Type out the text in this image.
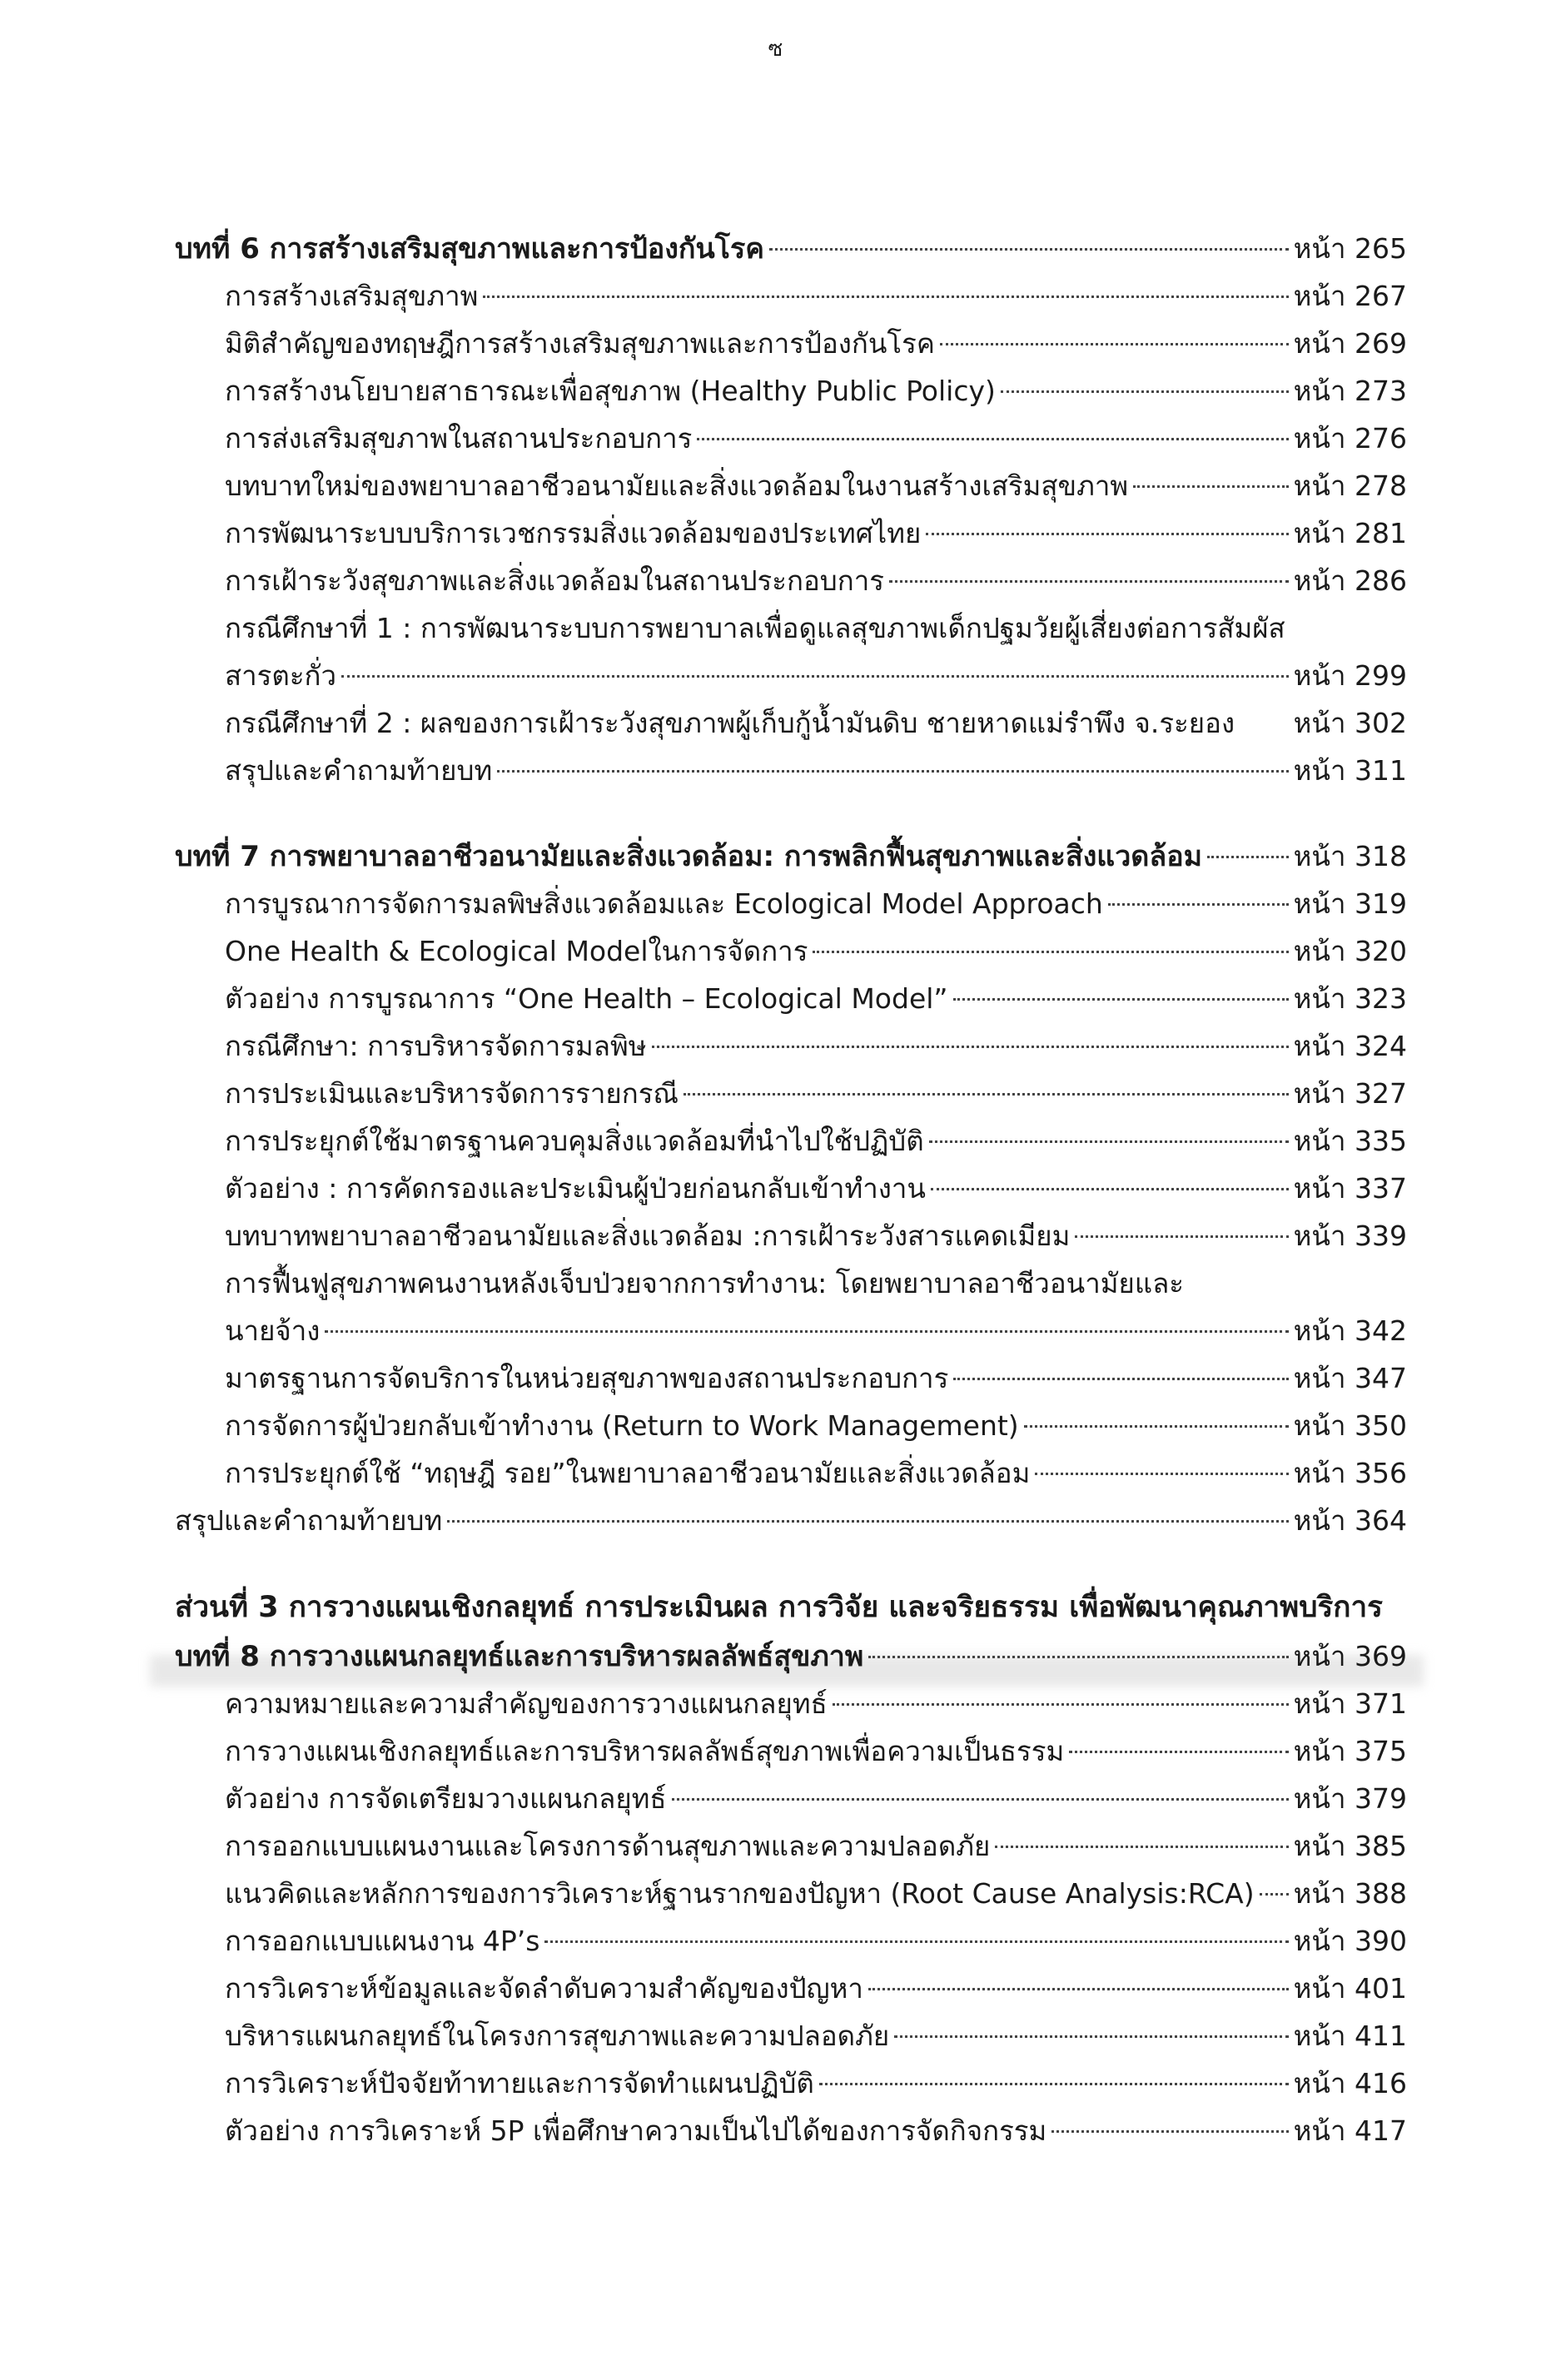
ซ
บทที่ 6 การสร้างเสริมสุขภาพและการป้องกันโรค	หน้า 265
การสร้างเสริมสุขภาพ	หน้า 267
มิติสำคัญของทฤษฎีการสร้างเสริมสุขภาพและการป้องกันโรค	หน้า 269
การสร้างนโยบายสาธารณะเพื่อสุขภาพ (Healthy Public Policy)	หน้า 273
การส่งเสริมสุขภาพในสถานประกอบการ	หน้า 276
บทบาทใหม่ของพยาบาลอาชีวอนามัยและสิ่งแวดล้อมในงานสร้างเสริมสุขภาพ	หน้า 278
การพัฒนาระบบบริการเวชกรรมสิ่งแวดล้อมของประเทศไทย	หน้า 281
การเฝ้าระวังสุขภาพและสิ่งแวดล้อมในสถานประกอบการ	หน้า 286
กรณีศึกษาที่ 1 : การพัฒนาระบบการพยาบาลเพื่อดูแลสุขภาพเด็กปฐมวัยผู้เสี่ยงต่อการสัมผัส
สารตะกั่ว	หน้า 299
กรณีศึกษาที่ 2 : ผลของการเฝ้าระวังสุขภาพผู้เก็บกู้น้ำมันดิบ ชายหาดแม่รำพึง จ.ระยอง หน้า 302
สรุปและคำถามท้ายบท	หน้า 311
บทที่ 7 การพยาบาลอาชีวอนามัยและสิ่งแวดล้อม: การพลิกฟื้นสุขภาพและสิ่งแวดล้อม	หน้า 318
การบูรณาการจัดการมลพิษสิ่งแวดล้อมและ Ecological Model Approach	หน้า 319
One Health & Ecological Modelในการจัดการ	หน้า 320
ตัวอย่าง การบูรณาการ “One Health – Ecological Model”	หน้า 323
กรณีศึกษา: การบริหารจัดการมลพิษ	หน้า 324
การประเมินและบริหารจัดการรายกรณี	หน้า 327
การประยุกต์ใช้มาตรฐานควบคุมสิ่งแวดล้อมที่นำไปใช้ปฏิบัติ	หน้า 335
ตัวอย่าง : การคัดกรองและประเมินผู้ป่วยก่อนกลับเข้าทำงาน	หน้า 337
บทบาทพยาบาลอาชีวอนามัยและสิ่งแวดล้อม :การเฝ้าระวังสารแคดเมียม	หน้า 339
การฟื้นฟูสุขภาพคนงานหลังเจ็บป่วยจากการทำงาน: โดยพยาบาลอาชีวอนามัยและ
นายจ้าง	หน้า 342
มาตรฐานการจัดบริการในหน่วยสุขภาพของสถานประกอบการ	หน้า 347
การจัดการผู้ป่วยกลับเข้าทำงาน (Return to Work Management)	หน้า 350
การประยุกต์ใช้ “ทฤษฎี รอย”ในพยาบาลอาชีวอนามัยและสิ่งแวดล้อม	หน้า 356
สรุปและคำถามท้ายบท	หน้า 364
ส่วนที่ 3 การวางแผนเชิงกลยุทธ์ การประเมินผล การวิจัย และจริยธรรม เพื่อพัฒนาคุณภาพบริการ
บทที่ 8 การวางแผนกลยุทธ์และการบริหารผลลัพธ์สุขภาพ	หน้า 369
ความหมายและความสำคัญของการวางแผนกลยุทธ์	หน้า 371
การวางแผนเชิงกลยุทธ์และการบริหารผลลัพธ์สุขภาพเพื่อความเป็นธรรม	หน้า 375
ตัวอย่าง การจัดเตรียมวางแผนกลยุทธ์	หน้า 379
การออกแบบแผนงานและโครงการด้านสุขภาพและความปลอดภัย	หน้า 385
แนวคิดและหลักการของการวิเคราะห์ฐานรากของปัญหา (Root Cause Analysis:RCA) หน้า 388
การออกแบบแผนงาน 4P’s	หน้า 390
การวิเคราะห์ข้อมูลและจัดลำดับความสำคัญของปัญหา	หน้า 401
บริหารแผนกลยุทธ์ในโครงการสุขภาพและความปลอดภัย	หน้า 411
การวิเคราะห์ปัจจัยท้าทายและการจัดทำแผนปฏิบัติ	หน้า 416
ตัวอย่าง การวิเคราะห์ 5P เพื่อศึกษาความเป็นไปได้ของการจัดกิจกรรม	หน้า 417
